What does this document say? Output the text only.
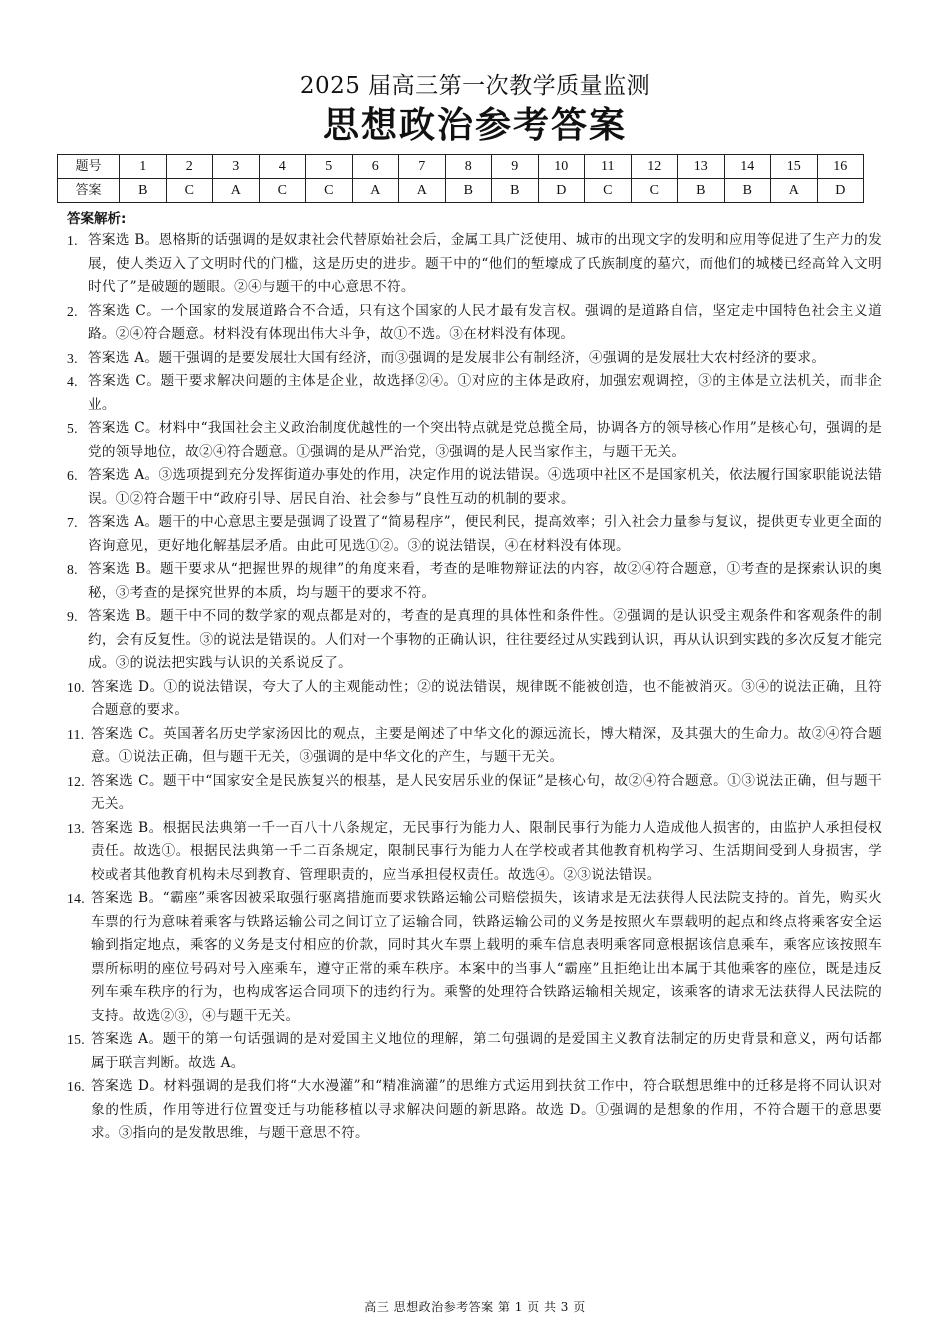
2025 届高三第一次教学质量监测
思想政治参考答案
题号	1	2	3	4	5	6	7	8	9	10	11	12	13	14	15	16
答案	B	C	A	C	C	A	A	B	B	D	C	C	B	B	A	D
答案解析:
1. 答案选 B。恩格斯的话强调的是奴隶社会代替原始社会后，金属工具广泛使用、城市的出现文字的发明和应用等促进了生产力的发展，使人类迈入了文明时代的门槛，这是历史的进步。题干中的“他们的堑壕成了氏族制度的墓穴，而他们的城楼已经高耸入文明时代了”是破题的题眼。②④与题干的中心意思不符。
2. 答案选 C。一个国家的发展道路合不合适，只有这个国家的人民才最有发言权。强调的是道路自信，坚定走中国特色社会主义道路。②④符合题意。材料没有体现出伟大斗争，故①不选。③在材料没有体现。
3. 答案选 A。题干强调的是要发展壮大国有经济，而③强调的是发展非公有制经济，④强调的是发展壮大农村经济的要求。
4. 答案选 C。题干要求解决问题的主体是企业，故选择②④。①对应的主体是政府，加强宏观调控，③的主体是立法机关，而非企业。
5. 答案选 C。材料中“我国社会主义政治制度优越性的一个突出特点就是党总揽全局，协调各方的领导核心作用”是核心句，强调的是党的领导地位，故②④符合题意。①强调的是从严治党，③强调的是人民当家作主，与题干无关。
6. 答案选 A。③选项提到充分发挥街道办事处的作用，决定作用的说法错误。④选项中社区不是国家机关，依法履行国家职能说法错误。①②符合题干中“政府引导、居民自治、社会参与”良性互动的机制的要求。
7. 答案选 A。题干的中心意思主要是强调了设置了“简易程序”，便民利民，提高效率；引入社会力量参与复议，提供更专业更全面的咨询意见，更好地化解基层矛盾。由此可见选①②。③的说法错误，④在材料没有体现。
8. 答案选 B。题干要求从“把握世界的规律”的角度来看，考查的是唯物辩证法的内容，故②④符合题意，①考查的是探索认识的奥秘，③考查的是探究世界的本质，均与题干的要求不符。
9. 答案选 B。题干中不同的数学家的观点都是对的，考查的是真理的具体性和条件性。②强调的是认识受主观条件和客观条件的制约，会有反复性。③的说法是错误的。人们对一个事物的正确认识，往往要经过从实践到认识，再从认识到实践的多次反复才能完成。③的说法把实践与认识的关系说反了。
10. 答案选 D。①的说法错误，夸大了人的主观能动性；②的说法错误，规律既不能被创造，也不能被消灭。③④的说法正确，且符合题意的要求。
11. 答案选 C。英国著名历史学家汤因比的观点，主要是阐述了中华文化的源远流长，博大精深，及其强大的生命力。故②④符合题意。①说法正确，但与题干无关，③强调的是中华文化的产生，与题干无关。
12. 答案选 C。题干中“国家安全是民族复兴的根基，是人民安居乐业的保证”是核心句，故②④符合题意。①③说法正确，但与题干无关。
13. 答案选 B。根据民法典第一千一百八十八条规定，无民事行为能力人、限制民事行为能力人造成他人损害的，由监护人承担侵权责任。故选①。根据民法典第一千二百条规定，限制民事行为能力人在学校或者其他教育机构学习、生活期间受到人身损害，学校或者其他教育机构未尽到教育、管理职责的，应当承担侵权责任。故选④。②③说法错误。
14. 答案选 B。“霸座”乘客因被采取强行驱离措施而要求铁路运输公司赔偿损失，该请求是无法获得人民法院支持的。首先，购买火车票的行为意味着乘客与铁路运输公司之间订立了运输合同，铁路运输公司的义务是按照火车票载明的起点和终点将乘客安全运输到指定地点，乘客的义务是支付相应的价款，同时其火车票上载明的乘车信息表明乘客同意根据该信息乘车，乘客应该按照车票所标明的座位号码对号入座乘车，遵守正常的乘车秩序。本案中的当事人“霸座”且拒绝让出本属于其他乘客的座位，既是违反列车乘车秩序的行为，也构成客运合同项下的违约行为。乘警的处理符合铁路运输相关规定，该乘客的请求无法获得人民法院的支持。故选②③，④与题干无关。
15. 答案选 A。题干的第一句话强调的是对爱国主义地位的理解，第二句强调的是爱国主义教育法制定的历史背景和意义，两句话都属于联言判断。故选 A。
16. 答案选 D。材料强调的是我们将“大水漫灌”和“精准滴灌”的思维方式运用到扶贫工作中，符合联想思维中的迁移是将不同认识对象的性质，作用等进行位置变迁与功能移植以寻求解决问题的新思路。故选 D。①强调的是想象的作用，不符合题干的意思要求。③指向的是发散思维，与题干意思不符。
高三 思想政治参考答案 第 1 页 共 3 页
